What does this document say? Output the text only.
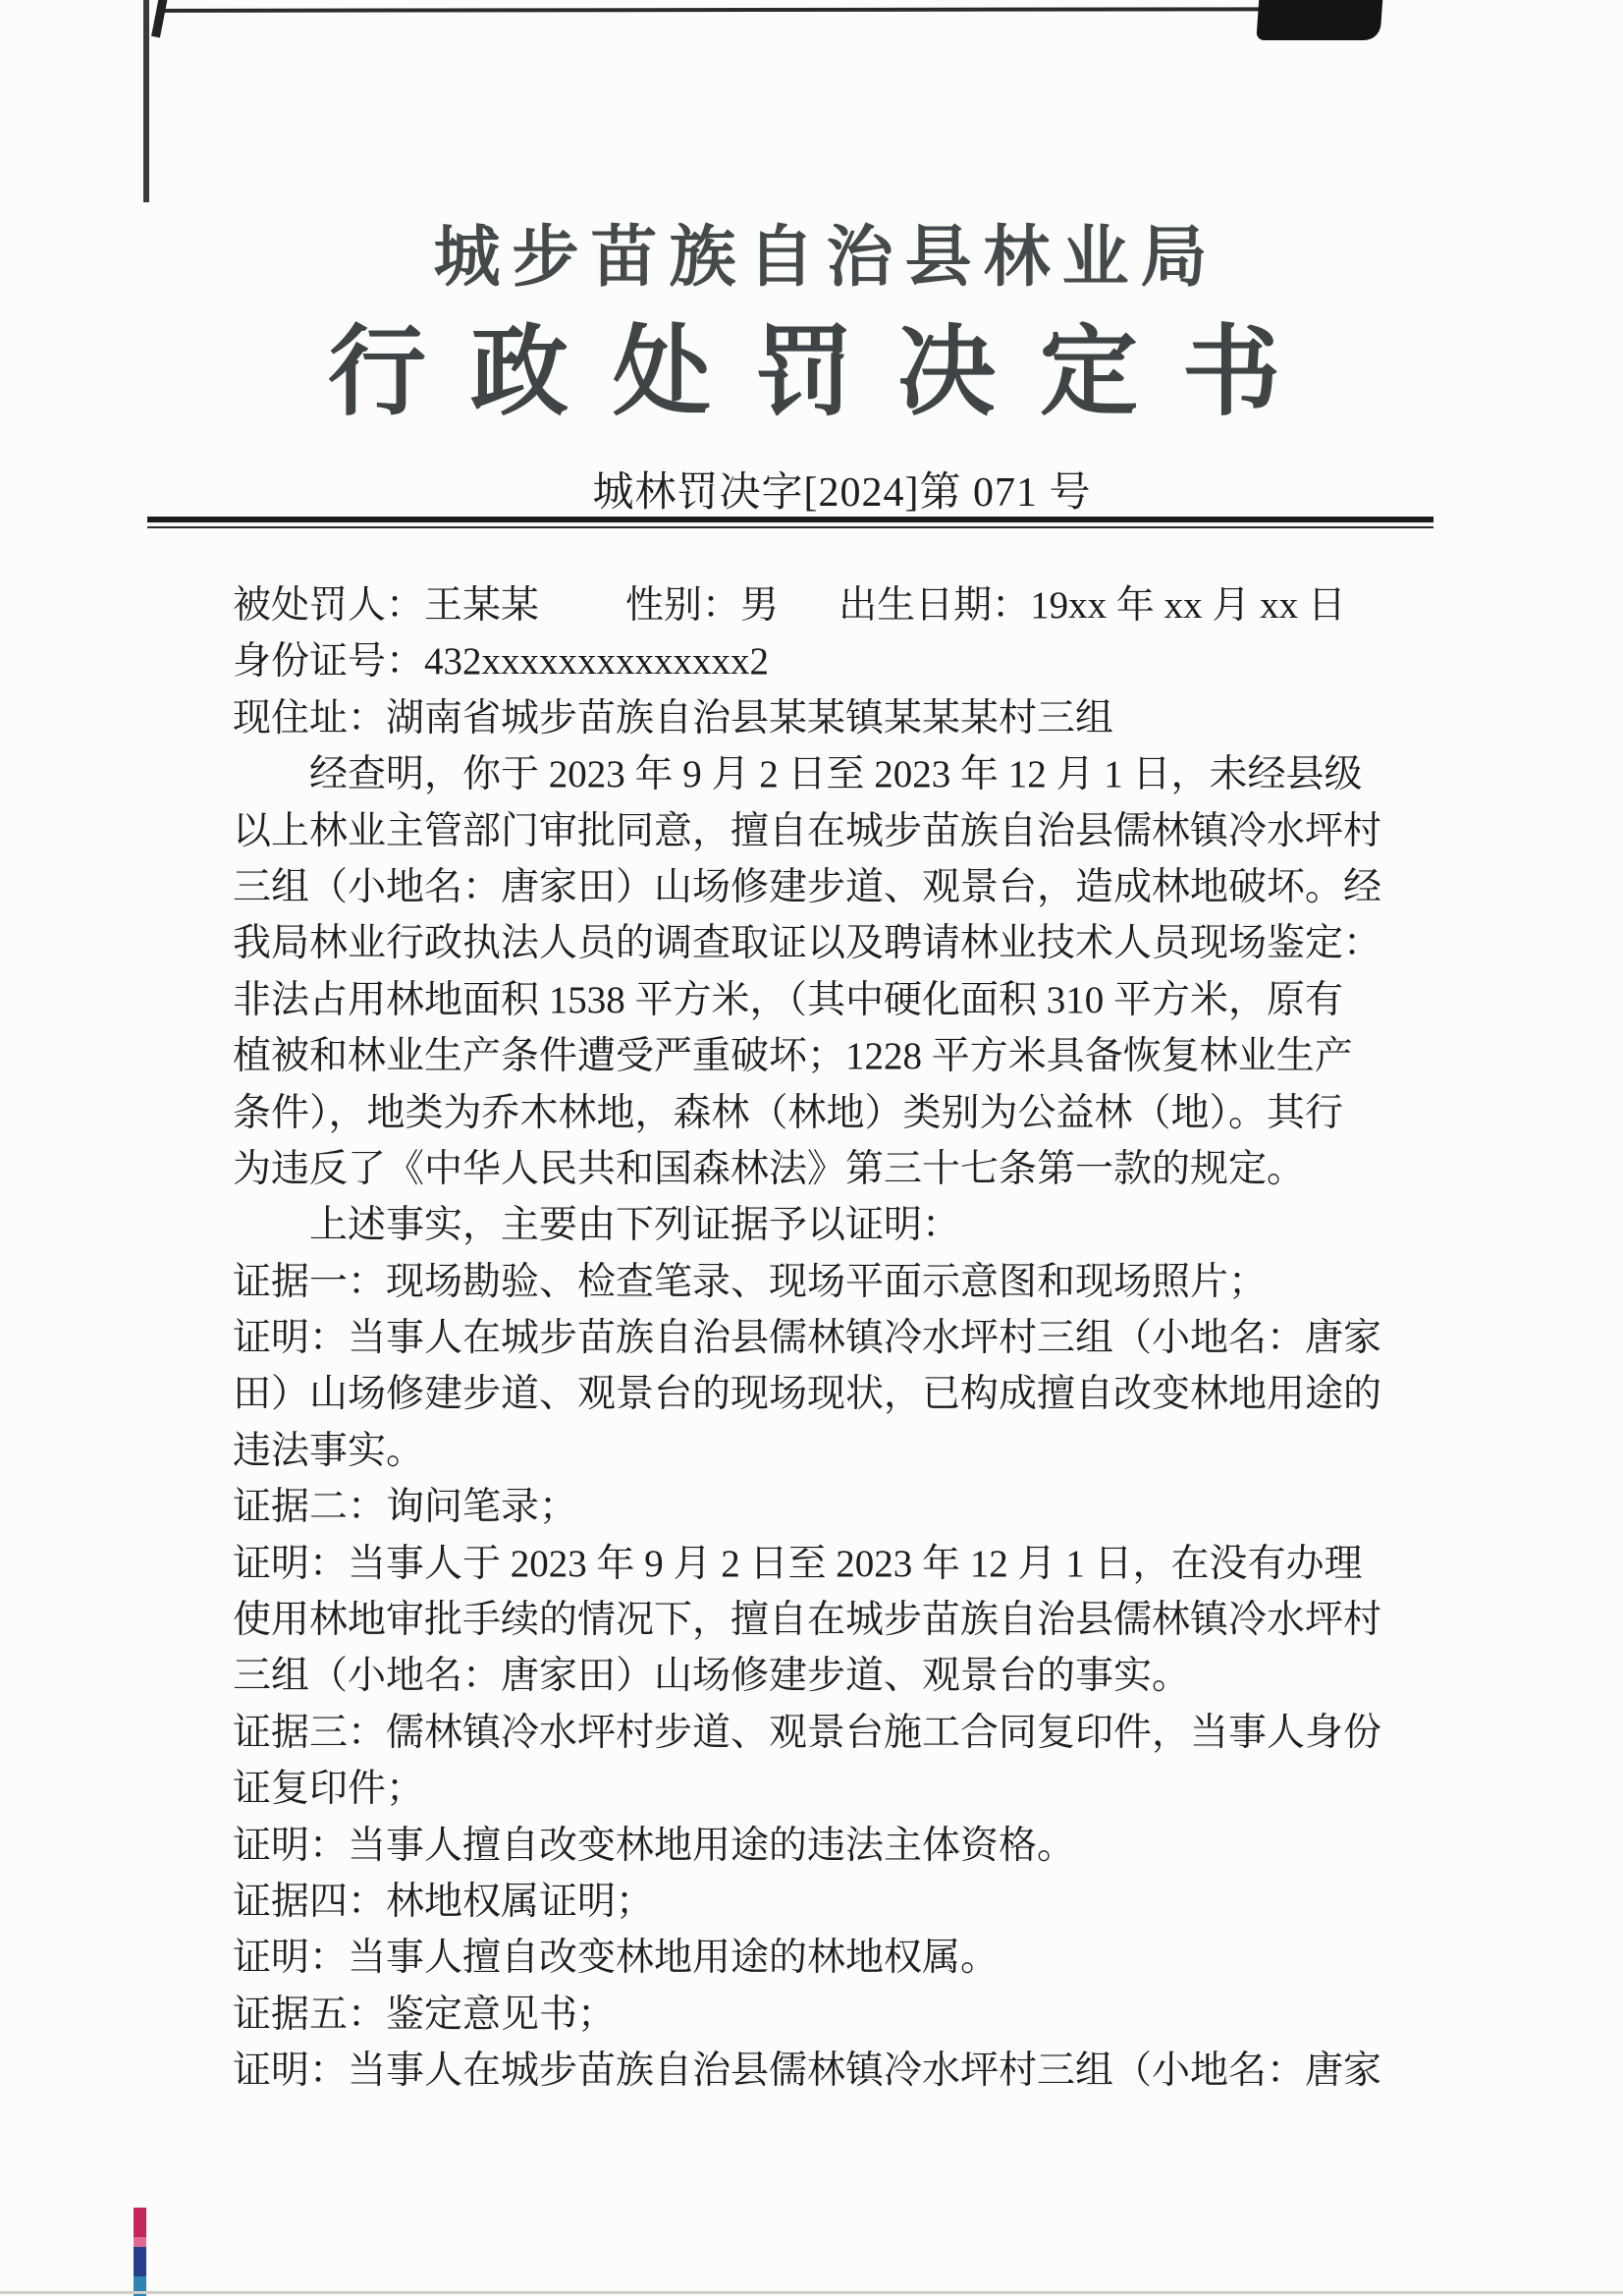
城步苗族自治县林业局
行政处罚决定书
城林罚决字[2024]第 071 号
被处罚人：王某某 性别：男 出生日期：19xx 年 xx 月 xx 日
身份证号：432xxxxxxxxxxxxxx2
现住址：湖南省城步苗族自治县某某镇某某某村三组
经查明，你于 2023 年 9 月 2 日至 2023 年 12 月 1 日，未经县级
以上林业主管部门审批同意，擅自在城步苗族自治县儒林镇冷水坪村
三组（小地名：唐家田）山场修建步道、观景台，造成林地破坏。经
我局林业行政执法人员的调查取证以及聘请林业技术人员现场鉴定：
非法占用林地面积 1538 平方米，（其中硬化面积 310 平方米，原有
植被和林业生产条件遭受严重破坏；1228 平方米具备恢复林业生产
条件），地类为乔木林地，森林（林地）类别为公益林（地）。其行
为违反了《中华人民共和国森林法》第三十七条第一款的规定。
上述事实，主要由下列证据予以证明：
证据一：现场勘验、检查笔录、现场平面示意图和现场照片；
证明：当事人在城步苗族自治县儒林镇冷水坪村三组（小地名：唐家
田）山场修建步道、观景台的现场现状，已构成擅自改变林地用途的
违法事实。
证据二：询问笔录；
证明：当事人于 2023 年 9 月 2 日至 2023 年 12 月 1 日，在没有办理
使用林地审批手续的情况下，擅自在城步苗族自治县儒林镇冷水坪村
三组（小地名：唐家田）山场修建步道、观景台的事实。
证据三：儒林镇冷水坪村步道、观景台施工合同复印件，当事人身份
证复印件；
证明：当事人擅自改变林地用途的违法主体资格。
证据四：林地权属证明；
证明：当事人擅自改变林地用途的林地权属。
证据五：鉴定意见书；
证明：当事人在城步苗族自治县儒林镇冷水坪村三组（小地名：唐家
